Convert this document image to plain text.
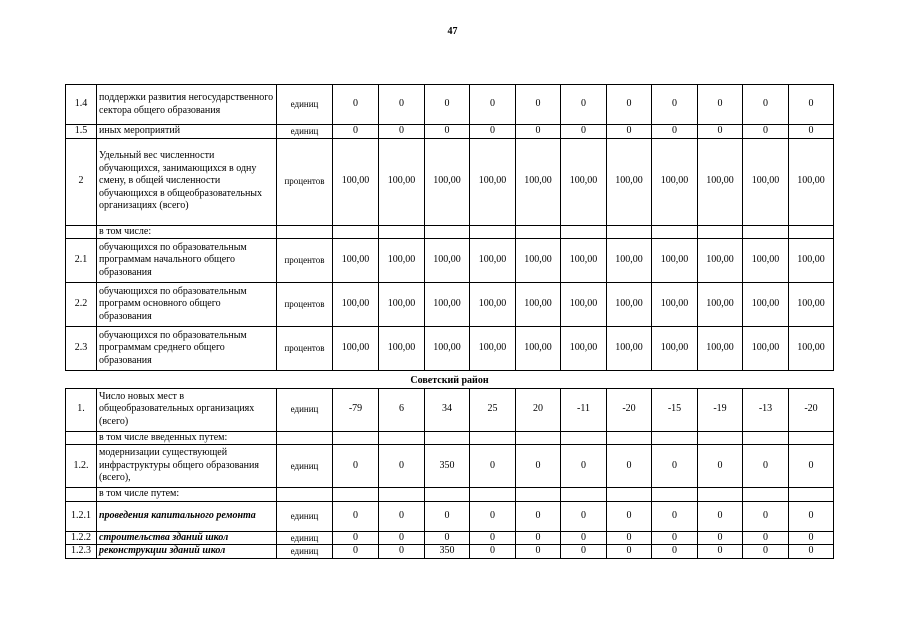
47
1.4	поддержки развития негосударственного сектора общего образования	единиц	0	0	0	0	0	0	0	0	0	0	0
1.5	иных мероприятий	единиц	0	0	0	0	0	0	0	0	0	0	0
2	Удельный вес численности обучающихся, занимающихся в одну смену, в общей численности обучающихся в общеобразовательных организациях (всего)	процентов	100,00	100,00	100,00	100,00	100,00	100,00	100,00	100,00	100,00	100,00	100,00
	в том числе:												
2.1	обучающихся по образовательным программам начального общего образования	процентов	100,00	100,00	100,00	100,00	100,00	100,00	100,00	100,00	100,00	100,00	100,00
2.2	обучающихся по образовательным программ основного общего образования	процентов	100,00	100,00	100,00	100,00	100,00	100,00	100,00	100,00	100,00	100,00	100,00
2.3	обучающихся по образовательным программам среднего общего образования	процентов	100,00	100,00	100,00	100,00	100,00	100,00	100,00	100,00	100,00	100,00	100,00
Советский район													
1.	Число новых мест в общеобразовательных организациях (всего)	единиц	-79	6	34	25	20	-11	-20	-15	-19	-13	-20
	в том числе введенных путем:												
1.2.	модернизации существующей инфраструктуры общего образования (всего),	единиц	0	0	350	0	0	0	0	0	0	0	0
	в том числе путем:												
1.2.1	проведения капитального ремонта	единиц	0	0	0	0	0	0	0	0	0	0	0
1.2.2	строительства зданий школ	единиц	0	0	0	0	0	0	0	0	0	0	0
1.2.3	реконструкции зданий школ	единиц	0	0	350	0	0	0	0	0	0	0	0
